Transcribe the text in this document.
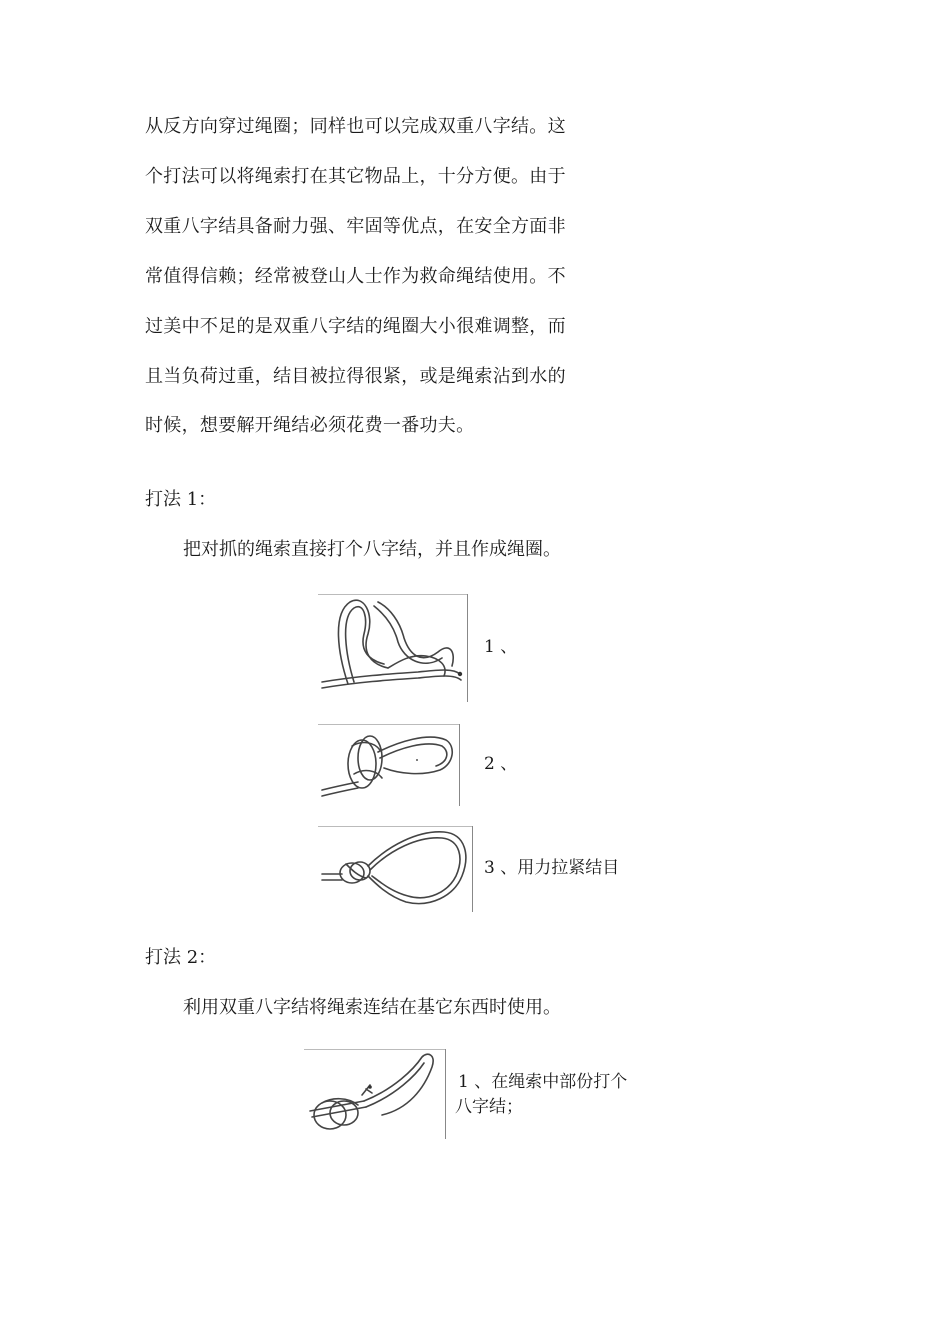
从反方向穿过绳圈；同样也可以完成双重八字结。这
个打法可以将绳索打在其它物品上，十分方便。由于
双重八字结具备耐力强、牢固等优点，在安全方面非
常值得信赖；经常被登山人士作为救命绳结使用。不
过美中不足的是双重八字结的绳圈大小很难调整，而
且当负荷过重，结目被拉得很紧，或是绳索沾到水的
时候，想要解开绳结必须花费一番功夫。
打法 1：
把对抓的绳索直接打个八字结，并且作成绳圈。
1 、
2 、
3 、用力拉紧结目
打法 2：
利用双重八字结将绳索连结在基它东西时使用。
1 、在绳索中部份打个
八字结；
